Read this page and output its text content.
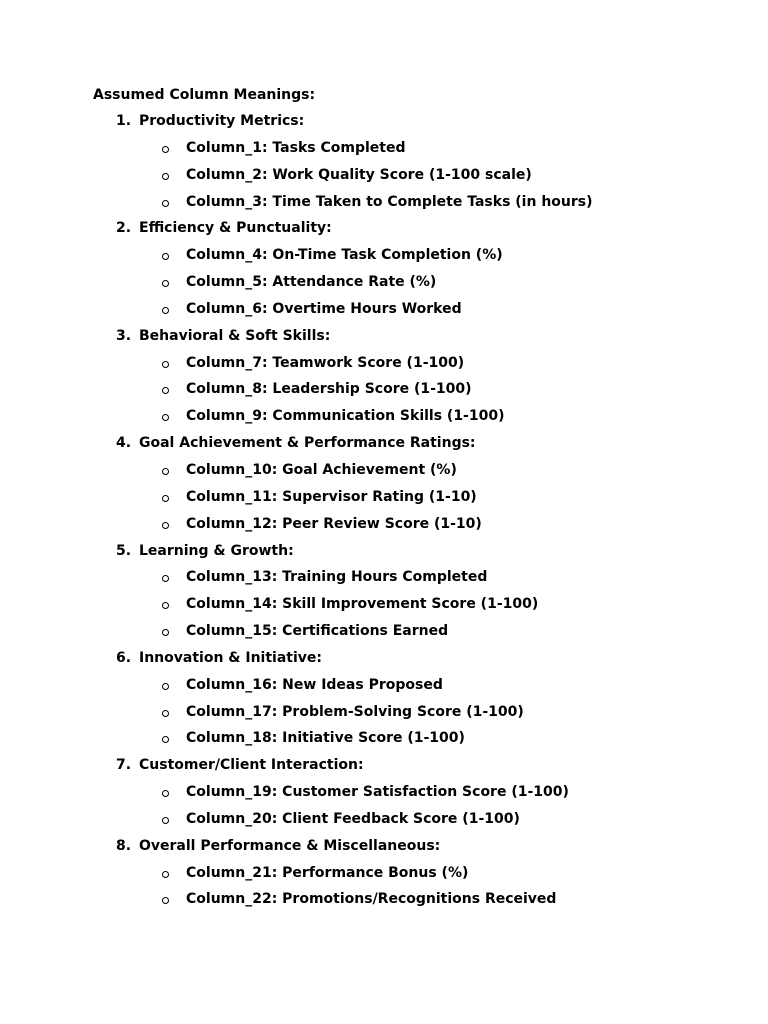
Assumed Column Meanings:
1. Productivity Metrics:
Column_1: Tasks Completed
Column_2: Work Quality Score (1-100 scale)
Column_3: Time Taken to Complete Tasks (in hours)
2. Efficiency & Punctuality:
Column_4: On-Time Task Completion (%)
Column_5: Attendance Rate (%)
Column_6: Overtime Hours Worked
3. Behavioral & Soft Skills:
Column_7: Teamwork Score (1-100)
Column_8: Leadership Score (1-100)
Column_9: Communication Skills (1-100)
4. Goal Achievement & Performance Ratings:
Column_10: Goal Achievement (%)
Column_11: Supervisor Rating (1-10)
Column_12: Peer Review Score (1-10)
5. Learning & Growth:
Column_13: Training Hours Completed
Column_14: Skill Improvement Score (1-100)
Column_15: Certifications Earned
6. Innovation & Initiative:
Column_16: New Ideas Proposed
Column_17: Problem-Solving Score (1-100)
Column_18: Initiative Score (1-100)
7. Customer/Client Interaction:
Column_19: Customer Satisfaction Score (1-100)
Column_20: Client Feedback Score (1-100)
8. Overall Performance & Miscellaneous:
Column_21: Performance Bonus (%)
Column_22: Promotions/Recognitions Received
